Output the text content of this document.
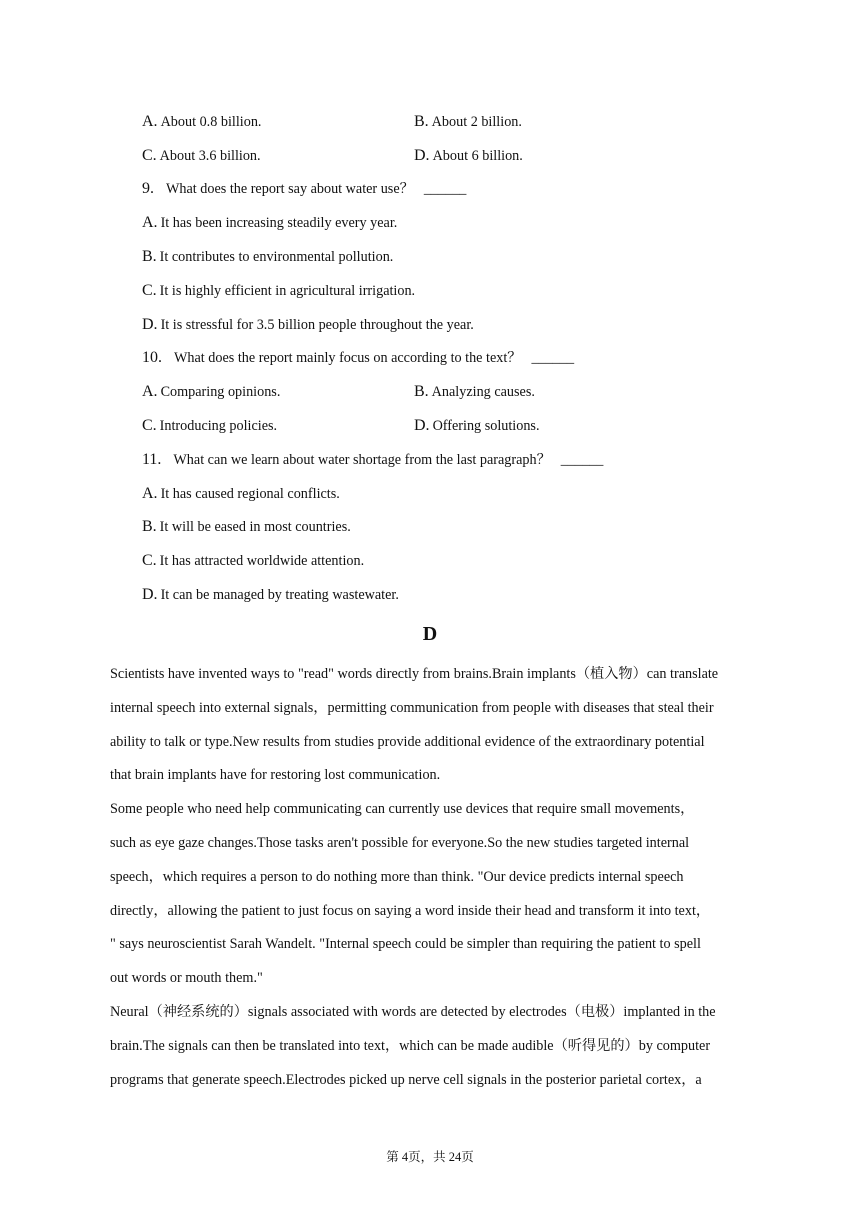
A. About 0.8 billion.	B. About 2 billion.
C. About 3.6 billion.	D. About 6 billion.
9. What does the report say about water use？ ______
A. It has been increasing steadily every year.
B. It contributes to environmental pollution.
C. It is highly efficient in agricultural irrigation.
D. It is stressful for 3.5 billion people throughout the year.
10. What does the report mainly focus on according to the text？ ______
A. Comparing opinions.	B. Analyzing causes.
C. Introducing policies.	D. Offering solutions.
11. What can we learn about water shortage from the last paragraph？ ______
A. It has caused regional conflicts.
B. It will be eased in most countries.
C. It has attracted worldwide attention.
D. It can be managed by treating wastewater.
D
Scientists have invented ways to "read" words directly from brains.Brain implants（植入物）can translate
internal speech into external signals，permitting communication from people with diseases that steal their
ability to talk or type.New results from studies provide additional evidence of the extraordinary potential
that brain implants have for restoring lost communication.
Some people who need help communicating can currently use devices that require small movements，
such as eye gaze changes.Those tasks aren't possible for everyone.So the new studies targeted internal
speech，which requires a person to do nothing more than think. "Our device predicts internal speech
directly，allowing the patient to just focus on saying a word inside their head and transform it into text，
" says neuroscientist Sarah Wandelt. "Internal speech could be simpler than requiring the patient to spell
out words or mouth them."
Neural（神经系统的）signals associated with words are detected by electrodes（电极）implanted in the
brain.The signals can then be translated into text，which can be made audible（听得见的）by computer
programs that generate speech.Electrodes picked up nerve cell signals in the posterior parietal cortex，a
第 4页，共 24页
